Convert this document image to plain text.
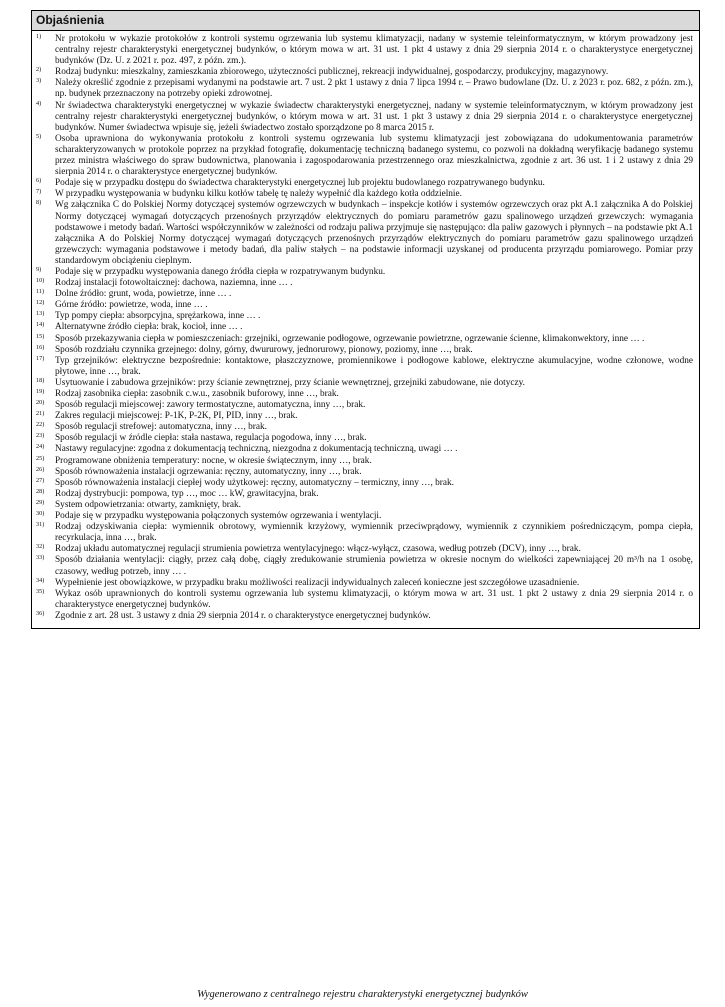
Objaśnienia
1)	Nr protokołu w wykazie protokołów z kontroli systemu ogrzewania lub systemu klimatyzacji, nadany w systemie teleinformatycznym, w którym prowadzony jest centralny rejestr charakterystyki energetycznej budynków, o którym mowa w art. 31 ust. 1 pkt 4 ustawy z dnia 29 sierpnia 2014 r. o charakterystyce energetycznej budynków (Dz. U. z 2021 r. poz. 497, z późn. zm.).
2)	Rodzaj budynku: mieszkalny, zamieszkania zbiorowego, użyteczności publicznej, rekreacji indywidualnej, gospodarczy, produkcyjny, magazynowy.
3)	Należy określić zgodnie z przepisami wydanymi na podstawie art. 7 ust. 2 pkt 1 ustawy z dnia 7 lipca 1994 r. – Prawo budowlane (Dz. U. z 2023 r. poz. 682, z późn. zm.), np. budynek przeznaczony na potrzeby opieki zdrowotnej.
4)	Nr świadectwa charakterystyki energetycznej w wykazie świadectw charakterystyki energetycznej, nadany w systemie teleinformatycznym, w którym prowadzony jest centralny rejestr charakterystyki energetycznej budynków, o którym mowa w art. 31 ust. 1 pkt 3 ustawy z dnia 29 sierpnia 2014 r. o charakterystyce energetycznej budynków. Numer świadectwa wpisuje się, jeżeli świadectwo zostało sporządzone po 8 marca 2015 r.
5)	Osoba uprawniona do wykonywania protokołu z kontroli systemu ogrzewania lub systemu klimatyzacji jest zobowiązana do udokumentowania parametrów scharakteryzowanych w protokole poprzez na przykład fotografię, dokumentację techniczną badanego systemu, co pozwoli na dokładną weryfikację badanego systemu przez ministra właściwego do spraw budownictwa, planowania i zagospodarowania przestrzennego oraz mieszkalnictwa, zgodnie z art. 36 ust. 1 i 2 ustawy z dnia 29 sierpnia 2014 r. o charakterystyce energetycznej budynków.
6)	Podaje się w przypadku dostępu do świadectwa charakterystyki energetycznej lub projektu budowlanego rozpatrywanego budynku.
7)	W przypadku występowania w budynku kilku kotłów tabelę tę należy wypełnić dla każdego kotła oddzielnie.
8)	Wg załącznika C do Polskiej Normy dotyczącej systemów ogrzewczych w budynkach – inspekcje kotłów i systemów ogrzewczych oraz pkt A.1 załącznika A do Polskiej Normy dotyczącej wymagań dotyczących przenośnych przyrządów elektrycznych do pomiaru parametrów gazu spalinowego urządzeń grzewczych: wymagania podstawowe i metody badań. Wartości współczynników w zależności od rodzaju paliwa przyjmuje się następująco: dla paliw gazowych i płynnych – na podstawie pkt A.1 załącznika A do Polskiej Normy dotyczącej wymagań dotyczących przenośnych przyrządów elektrycznych do pomiaru parametrów gazu spalinowego urządzeń grzewczych: wymagania podstawowe i metody badań, dla paliw stałych – na podstawie informacji uzyskanej od producenta przyrządu pomiarowego. Pomiar przy standardowym obciążeniu cieplnym.
9)	Podaje się w przypadku występowania danego źródła ciepła w rozpatrywanym budynku.
10)	Rodzaj instalacji fotowoltaicznej: dachowa, naziemna, inne … .
11)	Dolne źródło: grunt, woda, powietrze, inne … .
12)	Górne źródło: powietrze, woda, inne … .
13)	Typ pompy ciepła: absorpcyjna, sprężarkowa, inne … .
14)	Alternatywne źródło ciepła: brak, kocioł, inne … .
15)	Sposób przekazywania ciepła w pomieszczeniach: grzejniki, ogrzewanie podłogowe, ogrzewanie powietrzne, ogrzewanie ścienne, klimakonwektory, inne … .
16)	Sposób rozdziału czynnika grzejnego: dolny, górny, dwururowy, jednorurowy, pionowy, poziomy, inne …, brak.
17)	Typ grzejników: elektryczne bezpośrednie: kontaktowe, płaszczyznowe, promiennikowe i podłogowe kablowe, elektryczne akumulacyjne, wodne członowe, wodne płytowe, inne …, brak.
18)	Usytuowanie i zabudowa grzejników: przy ścianie zewnętrznej, przy ścianie wewnętrznej, grzejniki zabudowane, nie dotyczy.
19)	Rodzaj zasobnika ciepła: zasobnik c.w.u., zasobnik buforowy, inne …, brak.
20)	Sposób regulacji miejscowej: zawory termostatyczne, automatyczna, inny …, brak.
21)	Zakres regulacji miejscowej: P-1K, P-2K, PI, PID, inny …, brak.
22)	Sposób regulacji strefowej: automatyczna, inny …, brak.
23)	Sposób regulacji w źródle ciepła: stała nastawa, regulacja pogodowa, inny …, brak.
24)	Nastawy regulacyjne: zgodna z dokumentacją techniczną, niezgodna z dokumentacją techniczną, uwagi … .
25)	Programowane obniżenia temperatury: nocne, w okresie świątecznym, inny …, brak.
26)	Sposób równoważenia instalacji ogrzewania: ręczny, automatyczny, inny …, brak.
27)	Sposób równoważenia instalacji ciepłej wody użytkowej: ręczny, automatyczny – termiczny, inny …, brak.
28)	Rodzaj dystrybucji: pompowa, typ …, moc … kW, grawitacyjna, brak.
29)	System odpowietrzania: otwarty, zamknięty, brak.
30)	Podaje się w przypadku występowania połączonych systemów ogrzewania i wentylacji.
31)	Rodzaj odzyskiwania ciepła: wymiennik obrotowy, wymiennik krzyżowy, wymiennik przeciwprądowy, wymiennik z czynnikiem pośredniczącym, pompa ciepła, recyrkulacja, inna …, brak.
32)	Rodzaj układu automatycznej regulacji strumienia powietrza wentylacyjnego: włącz-wyłącz, czasowa, według potrzeb (DCV), inny …, brak.
33)	Sposób działania wentylacji: ciągły, przez całą dobę, ciągły zredukowanie strumienia powietrza w okresie nocnym do wielkości zapewniającej 20 m³/h na 1 osobę, czasowy, według potrzeb, inny … .
34)	Wypełnienie jest obowiązkowe, w przypadku braku możliwości realizacji indywidualnych zaleceń konieczne jest szczegółowe uzasadnienie.
35)	Wykaz osób uprawnionych do kontroli systemu ogrzewania lub systemu klimatyzacji, o którym mowa w art. 31 ust. 1 pkt 2 ustawy z dnia 29 sierpnia 2014 r. o charakterystyce energetycznej budynków.
36)	Zgodnie z art. 28 ust. 3 ustawy z dnia 29 sierpnia 2014 r. o charakterystyce energetycznej budynków.
Wygenerowano z centralnego rejestru charakterystyki energetycznej budynków
